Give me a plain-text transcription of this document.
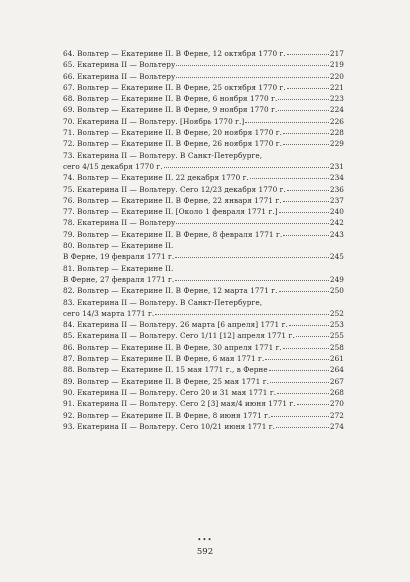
64. Вольтер — Екатерине II. В Ферне, 12 октября 1770 г.	217
65. Екатерина II — Вольтеру	219
66. Екатерина II — Вольтеру	220
67. Вольтер — Екатерине II. В Ферне, 25 октября 1770 г.	221
68. Вольтер — Екатерине II. В Ферне, 6 ноября 1770 г.	223
69. Вольтер — Екатерине II. В Ферне, 9 ноября 1770 г.	224
70. Екатерина II — Вольтеру. [Ноябрь 1770 г.]	226
71. Вольтер — Екатерине II. В Ферне, 20 ноября 1770 г.	228
72. Вольтер — Екатерине II. В Ферне, 26 ноября 1770 г.	229
73. Екатерина II — Вольтеру. В Санкт-Петербурге,
сего 4/15 декабря 1770 г.	231
74. Вольтер — Екатерине II. 22 декабря 1770 г.	234
75. Екатерина II — Вольтеру. Сего 12/23 декабря 1770 г.	236
76. Вольтер — Екатерине II. В Ферне, 22 января 1771 г.	237
77. Вольтер — Екатерине II. [Около 1 февраля 1771 г.]	240
78. Екатерина II — Вольтеру	242
79. Вольтер — Екатерине II. В Ферне, 8 февраля 1771 г.	243
80. Вольтер — Екатерине II.
В Ферне, 19 февраля 1771 г.	245
81. Вольтер — Екатерине II.
В Ферне, 27 февраля 1771 г.	249
82. Вольтер — Екатерине II. В Ферне, 12 марта 1771 г.	250
83. Екатерина II — Вольтеру. В Санкт-Петербурге,
сего 14/3 марта 1771 г.	252
84. Екатерина II — Вольтеру. 26 марта [6 апреля] 1771 г.	253
85. Екатерина II — Вольтеру. Сего 1/11 [12] апреля 1771 г.	255
86. Вольтер — Екатерине II. В Ферне, 30 апреля 1771 г.	258
87. Вольтер — Екатерине II. В Ферне, 6 мая 1771 г.	261
88. Вольтер — Екатерине II. 15 мая 1771 г., в Ферне	264
89. Вольтер — Екатерине II. В Ферне, 25 мая 1771 г.	267
90. Екатерина II — Вольтеру. Сего 20 и 31 мая 1771 г.	268
91. Екатерина II — Вольтеру. Сего 2 [3] мая/4 июня 1771 г.	270
92. Вольтер — Екатерине II. В Ферне, 8 июня 1771 г.	272
93. Екатерина II — Вольтеру. Сего 10/21 июня 1771 г.	274
•••
592
